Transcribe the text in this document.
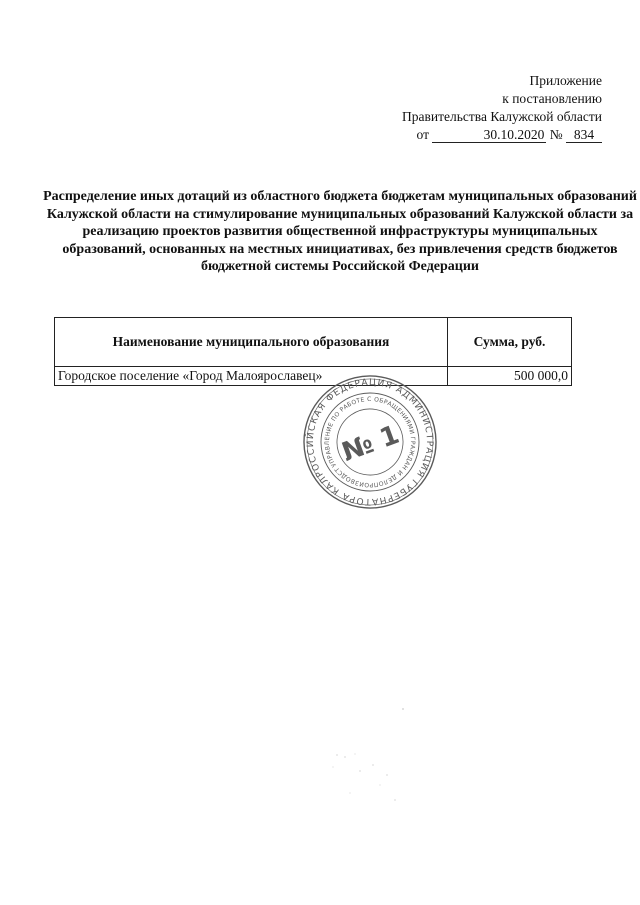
Приложение
к постановлению
Правительства Калужской области
от	30.10.2020 № 834
Распределение иных дотаций из областного бюджета бюджетам муниципальных образований Калужской области на стимулирование муниципальных образований Калужской области за реализацию проектов развития общественной инфраструктуры муниципальных образований, основанных на местных инициативах, без привлечения средств бюджетов бюджетной системы Российской Федерации
Наименование муниципального образования	Сумма, руб.
Городское поселение «Город Малоярославец»	500 000,0
РОССИЙСКАЯ ФЕДЕРАЦИЯ АДМИНИСТРАЦИЯ ГУБЕРНАТОРА КАЛУЖСКОЙ
УПРАВЛЕНИЕ ПО РАБОТЕ С ОБРАЩЕНИЯМИ ГРАЖДАН И ДЕЛОПРОИЗВОДСТВУ	№ 1
